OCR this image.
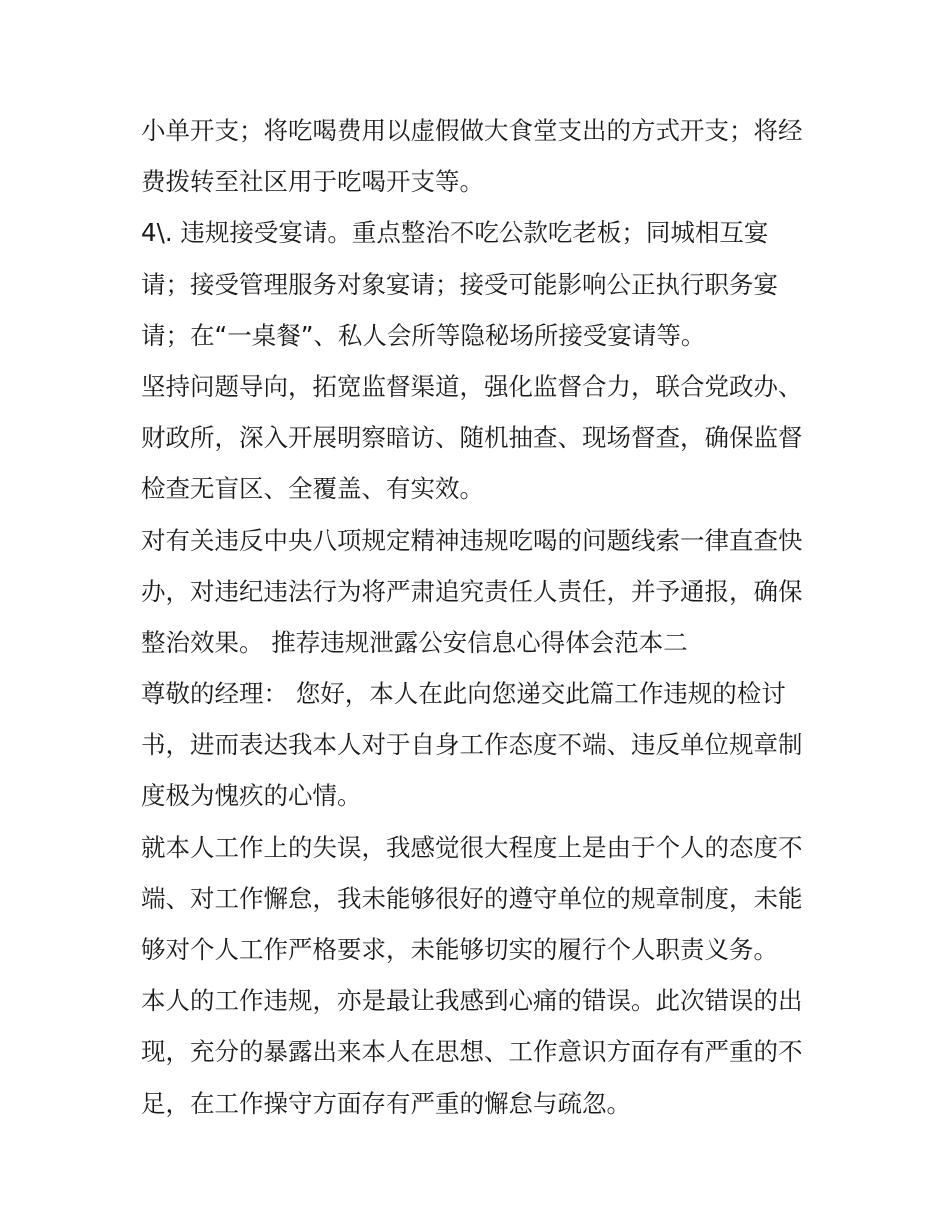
小单开支；将吃喝费用以虚假做大食堂支出的方式开支；将经
费拨转至社区用于吃喝开支等。
4\. 违规接受宴请。重点整治不吃公款吃老板；同城相互宴
请；接受管理服务对象宴请；接受可能影响公正执行职务宴
请；在“一桌餐”、私人会所等隐秘场所接受宴请等。
坚持问题导向，拓宽监督渠道，强化监督合力，联合党政办、
财政所，深入开展明察暗访、随机抽查、现场督查，确保监督
检查无盲区、全覆盖、有实效。
对有关违反中央八项规定精神违规吃喝的问题线索一律直查快
办，对违纪违法行为将严肃追究责任人责任，并予通报，确保
整治效果。 推荐违规泄露公安信息心得体会范本二
尊敬的经理： 您好，本人在此向您递交此篇工作违规的检讨
书，进而表达我本人对于自身工作态度不端、违反单位规章制
度极为愧疚的心情。
就本人工作上的失误，我感觉很大程度上是由于个人的态度不
端、对工作懈怠，我未能够很好的遵守单位的规章制度，未能
够对个人工作严格要求，未能够切实的履行个人职责义务。
本人的工作违规，亦是最让我感到心痛的错误。此次错误的出
现，充分的暴露出来本人在思想、工作意识方面存有严重的不
足，在工作操守方面存有严重的懈怠与疏忽。
